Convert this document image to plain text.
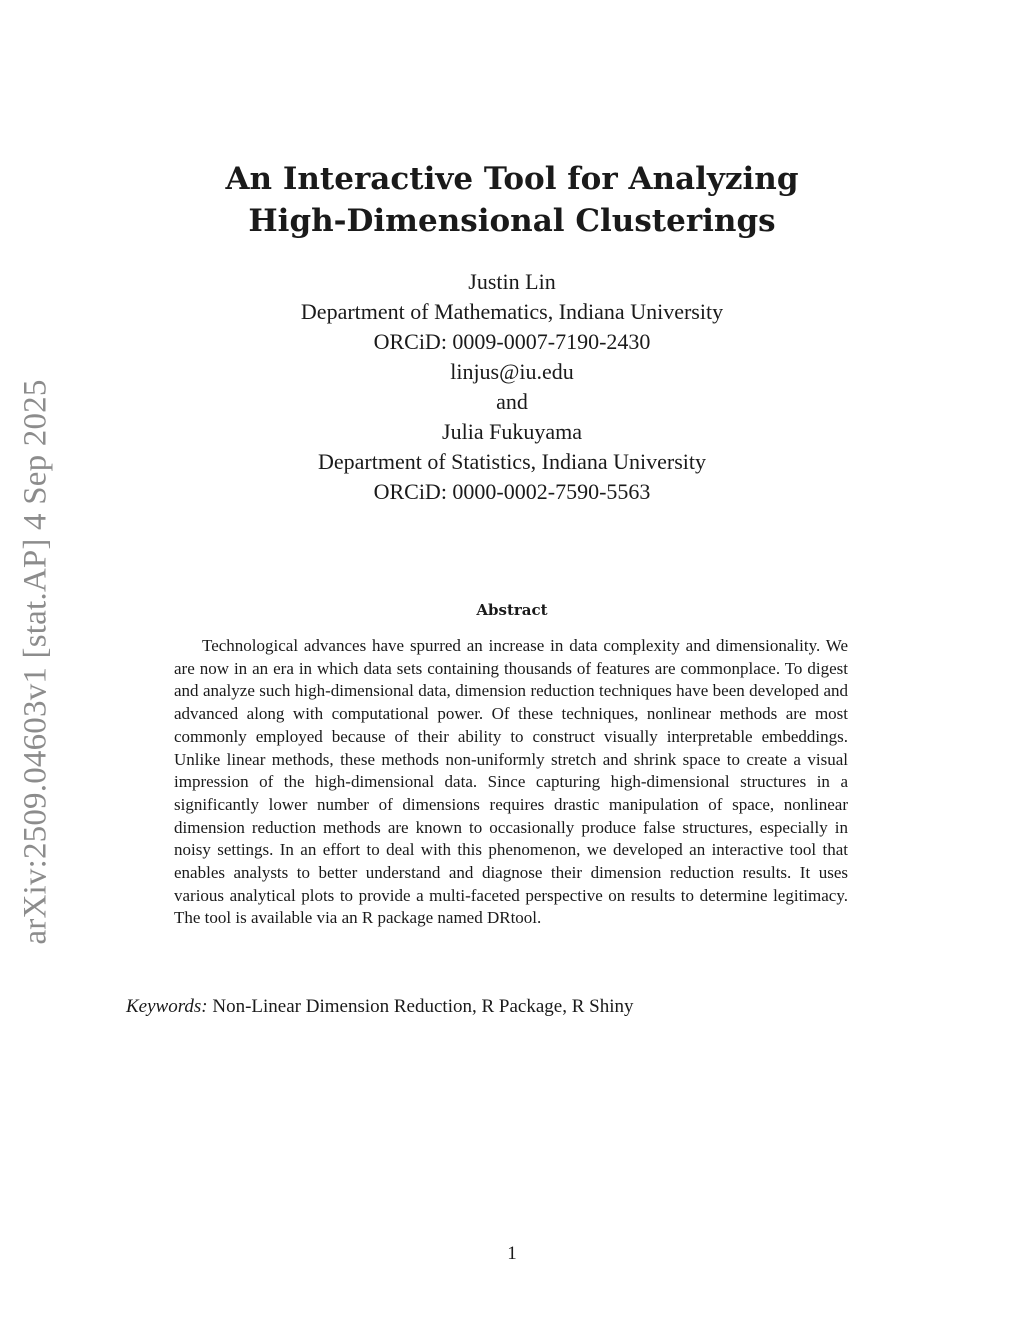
arXiv:2509.04603v1 [stat.AP] 4 Sep 2025
An Interactive Tool for Analyzing
High-Dimensional Clusterings
Justin Lin
Department of Mathematics, Indiana University
ORCiD: 0009-0007-7190-2430
linjus@iu.edu
and
Julia Fukuyama
Department of Statistics, Indiana University
ORCiD: 0000-0002-7590-5563
Abstract

Technological advances have spurred an increase in data complexity and dimensionality. We are now in an era in which data sets containing thousands of features are commonplace. To digest and analyze such high-dimensional data, dimension reduction techniques have been developed and advanced along with computational power. Of these techniques, nonlinear methods are most commonly employed because of their ability to construct visually interpretable embeddings. Unlike linear methods, these methods non-uniformly stretch and shrink space to create a visual impression of the high-dimensional data. Since capturing high-dimensional structures in a significantly lower number of dimensions requires drastic manipulation of space, nonlinear dimension reduction methods are known to occasionally produce false structures, especially in noisy settings. In an effort to deal with this phenomenon, we developed an interactive tool that enables analysts to better understand and diagnose their dimension reduction results. It uses various analytical plots to provide a multi-faceted perspective on results to determine legitimacy. The tool is available via an R package named DRtool.

Keywords: Non-Linear Dimension Reduction, R Package, R Shiny

1
